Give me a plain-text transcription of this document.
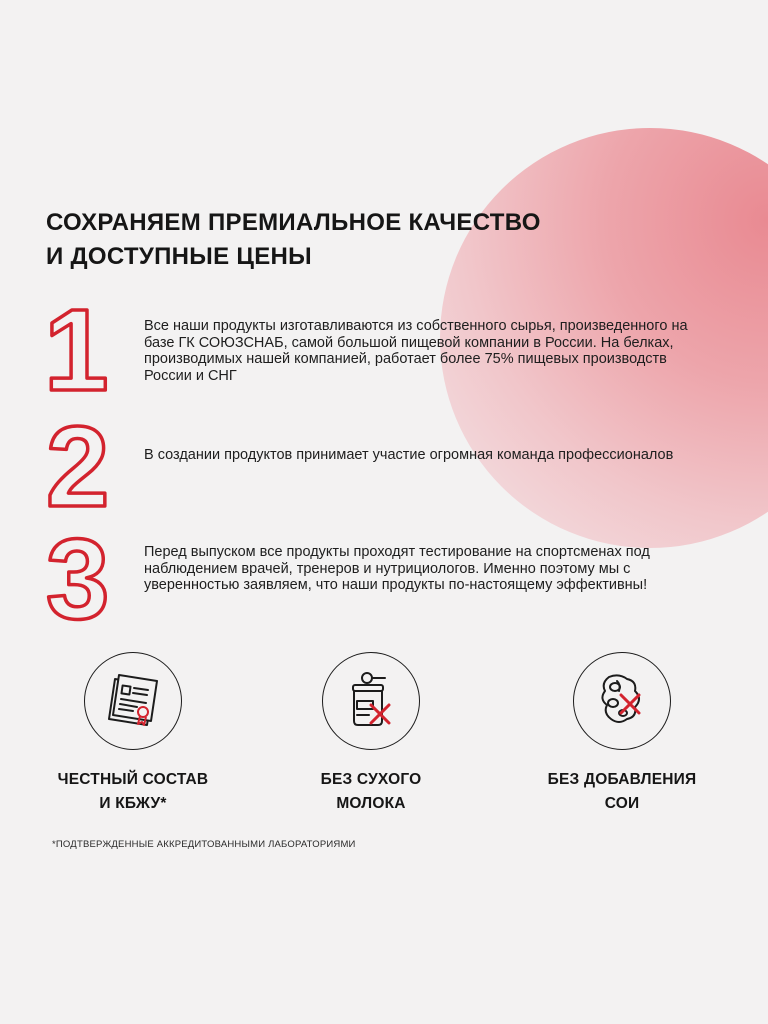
СОХРАНЯЕМ ПРЕМИАЛЬНОЕ КАЧЕСТВО
И ДОСТУПНЫЕ ЦЕНЫ
1 Все наши продукты изготавливаются из собственного сырья, произведенного на базе ГК СОЮЗСНАБ, самой большой пищевой компании в России. На белках, производимых нашей компанией, работает более 75% пищевых производств России и СНГ
2 В создании продуктов принимает участие огромная команда профессионалов
3 Перед выпуском все продукты проходят тестирование на спортсменах под наблюдением врачей, тренеров и нутрициологов. Именно поэтому мы с уверенностью заявляем, что наши продукты по-настоящему эффективны!
ЧЕСТНЫЙ СОСТАВ
И КБЖУ*
БЕЗ СУХОГО
МОЛОКА
БЕЗ ДОБАВЛЕНИЯ
СОИ
*ПОДТВЕРЖДЕННЫЕ АККРЕДИТОВАННЫМИ ЛАБОРАТОРИЯМИ
